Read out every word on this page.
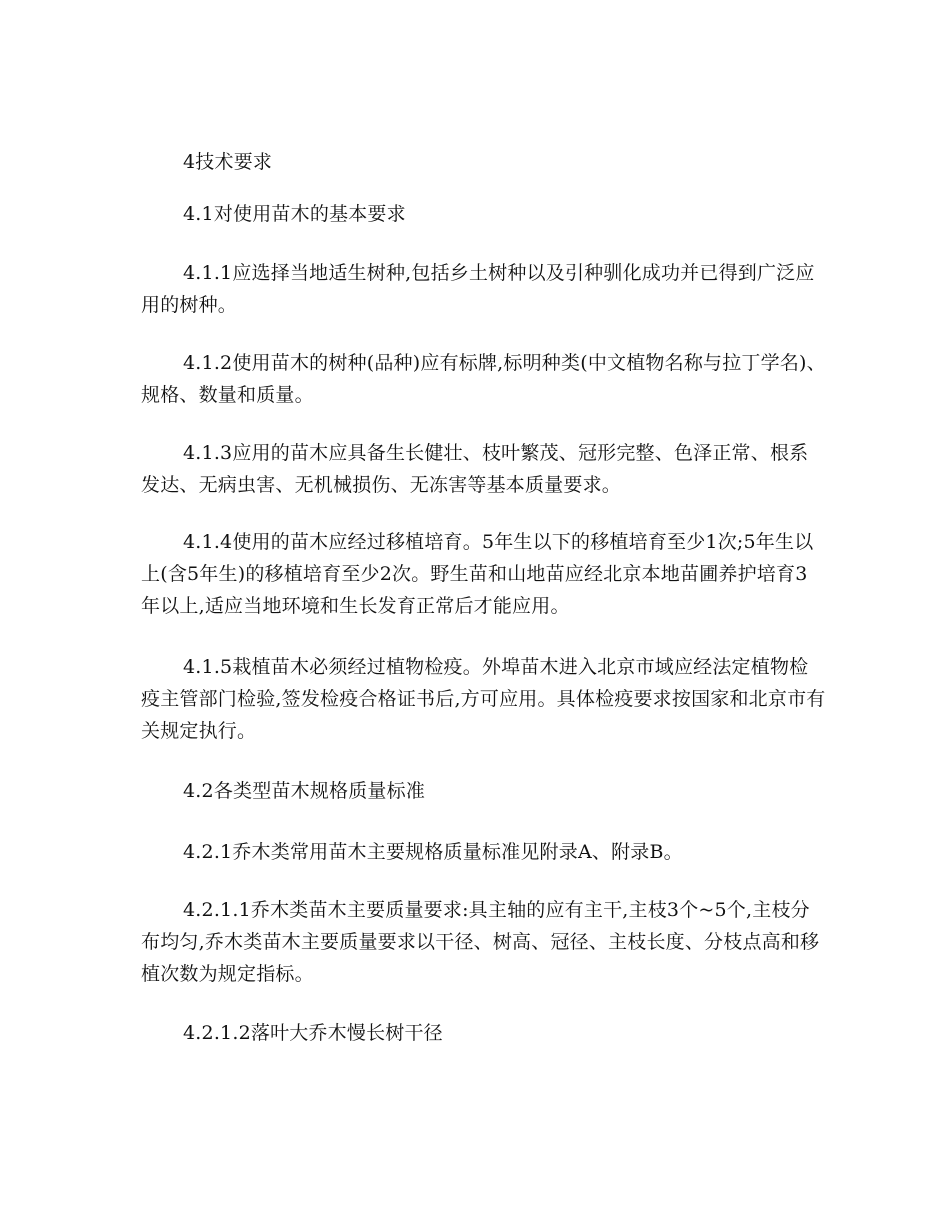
4技术要求
4.1对使用苗木的基本要求
4.1.1应选择当地适生树种,包括乡土树种以及引种驯化成功并已得到广泛应
用的树种。
4.1.2使用苗木的树种(品种)应有标牌,标明种类(中文植物名称与拉丁学名)、
规格、数量和质量。
4.1.3应用的苗木应具备生长健壮、枝叶繁茂、冠形完整、色泽正常、根系
发达、无病虫害、无机械损伤、无冻害等基本质量要求。
4.1.4使用的苗木应经过移植培育。5年生以下的移植培育至少1次;5年生以
上(含5年生)的移植培育至少2次。野生苗和山地苗应经北京本地苗圃养护培育3
年以上,适应当地环境和生长发育正常后才能应用。
4.1.5栽植苗木必须经过植物检疫。外埠苗木进入北京市域应经法定植物检
疫主管部门检验,签发检疫合格证书后,方可应用。具体检疫要求按国家和北京市有
关规定执行。
4.2各类型苗木规格质量标准
4.2.1乔木类常用苗木主要规格质量标准见附录A、附录B。
4.2.1.1乔木类苗木主要质量要求:具主轴的应有主干,主枝3个~5个,主枝分
布均匀,乔木类苗木主要质量要求以干径、树高、冠径、主枝长度、分枝点高和移
植次数为规定指标。
4.2.1.2落叶大乔木慢长树干径
